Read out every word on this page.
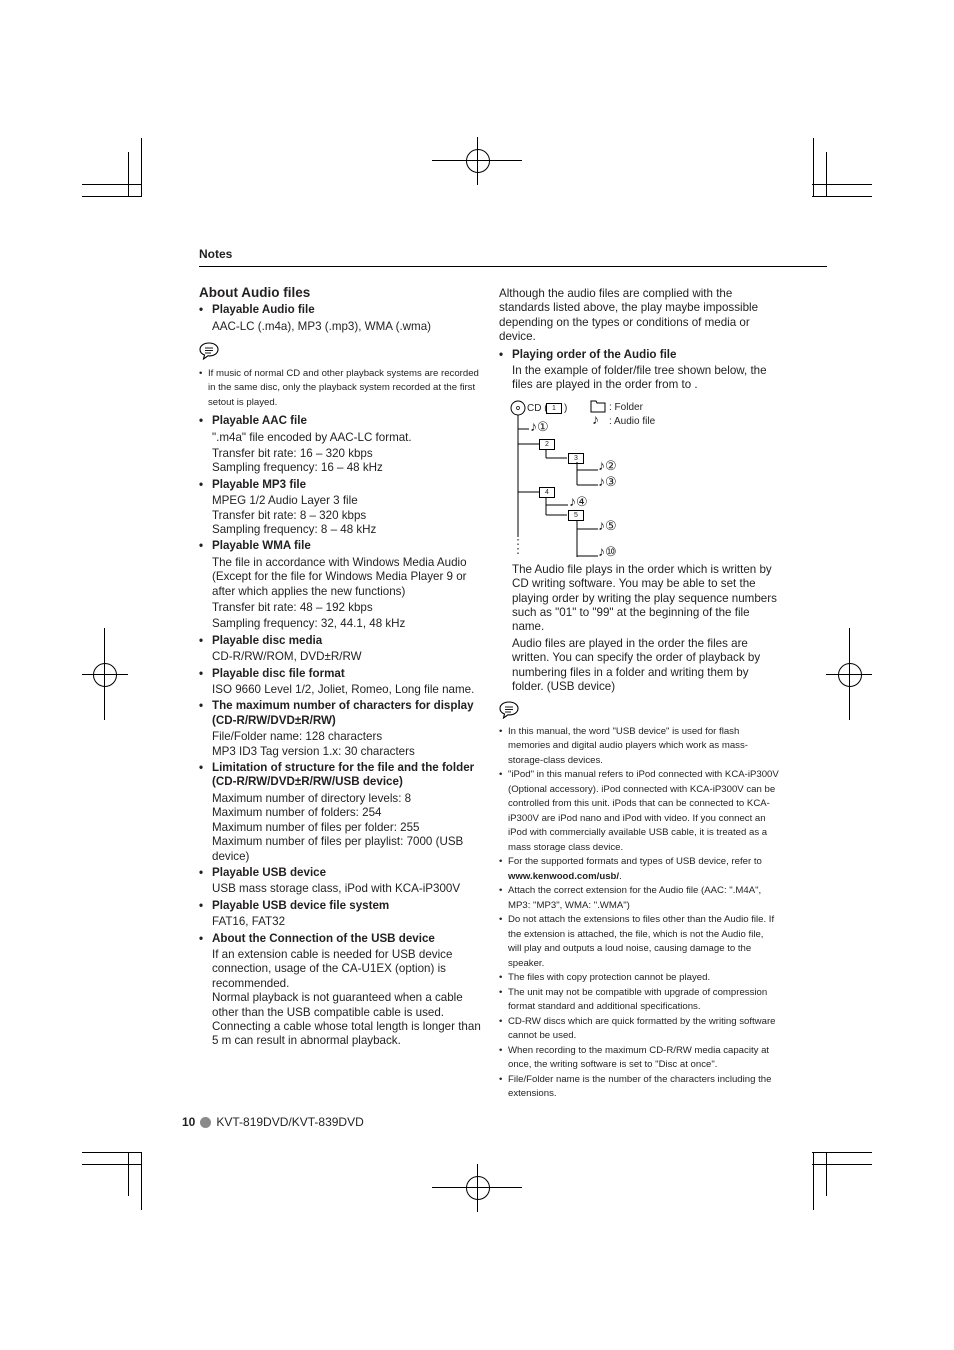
Notes
About Audio files
• Playable Audio file

AAC-LC (.m4a), MP3 (.mp3), WMA (.wma)

• If music of normal CD and other playback systems are recorded in the same disc, only the playback system recorded at the first setout is played.
• Playable AAC file

".m4a" file encoded by AAC-LC format.

Transfer bit rate: 16 – 320 kbps
Sampling frequency: 16 – 48 kHz

• Playable MP3 file

MPEG 1/2 Audio Layer 3 file
Transfer bit rate: 8 – 320 kbps
Sampling frequency: 8 – 48 kHz

• Playable WMA file

The file in accordance with Windows Media Audio (Except for the file for Windows Media Player 9 or after which applies the new functions)

Transfer bit rate: 48 – 192 kbps

Sampling frequency: 32, 44.1, 48 kHz

• Playable disc media

CD-R/RW/ROM, DVD±R/RW

• Playable disc file format

ISO 9660 Level 1/2, Joliet, Romeo, Long file name.

• The maximum number of characters for display (CD-R/RW/DVD±R/RW)

File/Folder name: 128 characters
MP3 ID3 Tag version 1.x: 30 characters

• Limitation of structure for the file and the folder (CD-R/RW/DVD±R/RW/USB device)

Maximum number of directory levels: 8
Maximum number of folders: 254
Maximum number of files per folder: 255
Maximum number of files per playlist: 7000 (USB device)

• Playable USB device

USB mass storage class, iPod with KCA-iP300V

• Playable USB device file system

FAT16, FAT32

• About the Connection of the USB device

If an extension cable is needed for USB device connection, usage of the CA-U1EX (option) is recommended.
Normal playback is not guaranteed when a cable other than the USB compatible cable is used. Connecting a cable whose total length is longer than 5 m can result in abnormal playback.

Although the audio files are complied with the standards listed above, the play maybe impossible depending on the types or conditions of media or device.

• Playing order of the Audio file

In the example of folder/file tree shown below, the files are played in the order from to .

CD ( 1 )	: Folder
♪ : Audio file
♪①
2
3	♪②
♪③
4
♪④
5
♪⑤
♪⑩

The Audio file plays in the order which is written by CD writing software. You may be able to set the playing order by writing the play sequence numbers such as "01" to "99" at the beginning of the file name.

Audio files are played in the order the files are written. You can specify the order of playback by numbering files in a folder and writing them by folder. (USB device)

• In this manual, the word "USB device" is used for flash memories and digital audio players which work as mass-storage-class devices.
• "iPod" in this manual refers to iPod connected with KCA-iP300V (Optional accessory). iPod connected with KCA-iP300V can be controlled from this unit. iPods that can be connected to KCA-iP300V are iPod nano and iPod with video. If you connect an iPod with commercially available USB cable, it is treated as a mass storage class device.
• For the supported formats and types of USB device, refer to www.kenwood.com/usb/.
• Attach the correct extension for the Audio file (AAC: ".M4A", MP3: "MP3", WMA: ".WMA")
• Do not attach the extensions to files other than the Audio file. If the extension is attached, the file, which is not the Audio file, will play and outputs a loud noise, causing damage to the speaker.
• The files with copy protection cannot be played.
• The unit may not be compatible with upgrade of compression format standard and additional specifications.
• CD-RW discs which are quick formatted by the writing software cannot be used.
• When recording to the maximum CD-R/RW media capacity at once, the writing software is set to "Disc at once".
• File/Folder name is the number of the characters including the extensions.
10 KVT-819DVD/KVT-839DVD
